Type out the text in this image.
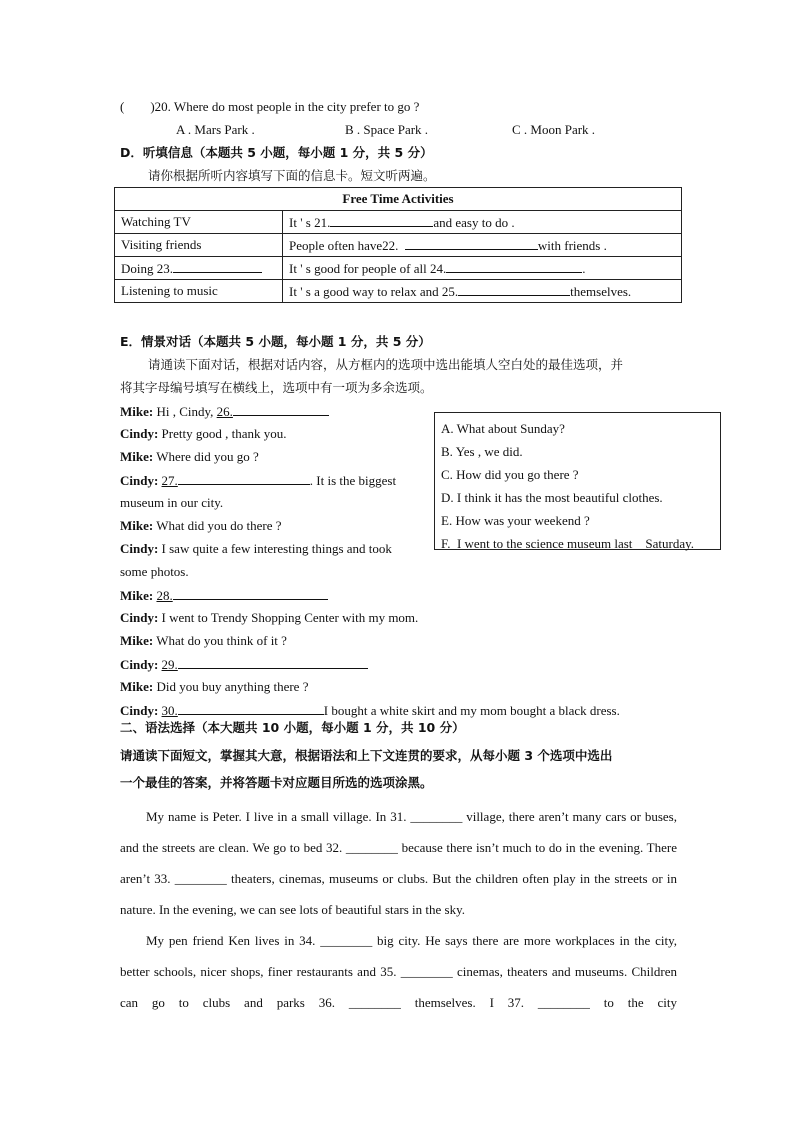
(        )20. Where do most people in the city prefer to go ?
A . Mars Park .	B . Space Park .	C . Moon Park .
D．听填信息（本题共 5 小题，每小题 1 分，共 5 分）
请你根据所听内容填写下面的信息卡。短文听两遍。
Free Time Activities	
Watching TV	It ' s 21. and easy to do .
Visiting friends	People often have22. with friends .
Doing 23.	It ' s good for people of all 24. .
Listening to music	It ' s a good way to relax and 25. themselves.
E．情景对话（本题共 5 小题，每小题 1 分，共 5 分）
请通读下面对话，根据对话内容，从方框内的选项中选出能填人空白处的最佳选项，并
将其字母编号填写在横线上，选项中有一项为多余选项。
Mike: Hi , Cindy, 26.
Cindy: Pretty good , thank you.
Mike: Where did you go ?
Cindy: 27.	. It is the biggest
museum in our city.
Mike: What did you do there ?
Cindy: I saw quite a few interesting things and took
some photos.
Mike: 28.
Cindy: I went to Trendy Shopping Center with my mom.
Mike: What do you think of it ?
Cindy: 29.
Mike: Did you buy anything there ?
Cindy: 30.	I bought a white skirt and my mom bought a black dress.
A. What about Sunday?
B. Yes , we did.
C. How did you go there ?
D. I think it has the most beautiful clothes.
E. How was your weekend ?
F.  I went to the science museum last    Saturday.
二、语法选择（本大题共 10 小题，每小题 1 分，共 10 分）
请通读下面短文，掌握其大意，根据语法和上下文连贯的要求，从每小题 3 个选项中选出
一个最佳的答案，并将答题卡对应题目所选的选项涂黑。

My name is Peter. I live in a small village. In 31. ________ village, there aren’t many cars or buses, and the streets are clean. We go to bed 32. ________ because there isn’t much to do in the evening. There aren’t 33. ________ theaters, cinemas, museums or clubs. But the children often play in the streets or in nature. In the evening, we can see lots of beautiful stars in the sky.

My pen friend Ken lives in 34. ________ big city. He says there are more workplaces in the city, better schools, nicer shops, finer restaurants and 35. ________ cinemas, theaters and museums. Children can go to clubs and parks 36. ________ themselves. I 37. ________ to the city
